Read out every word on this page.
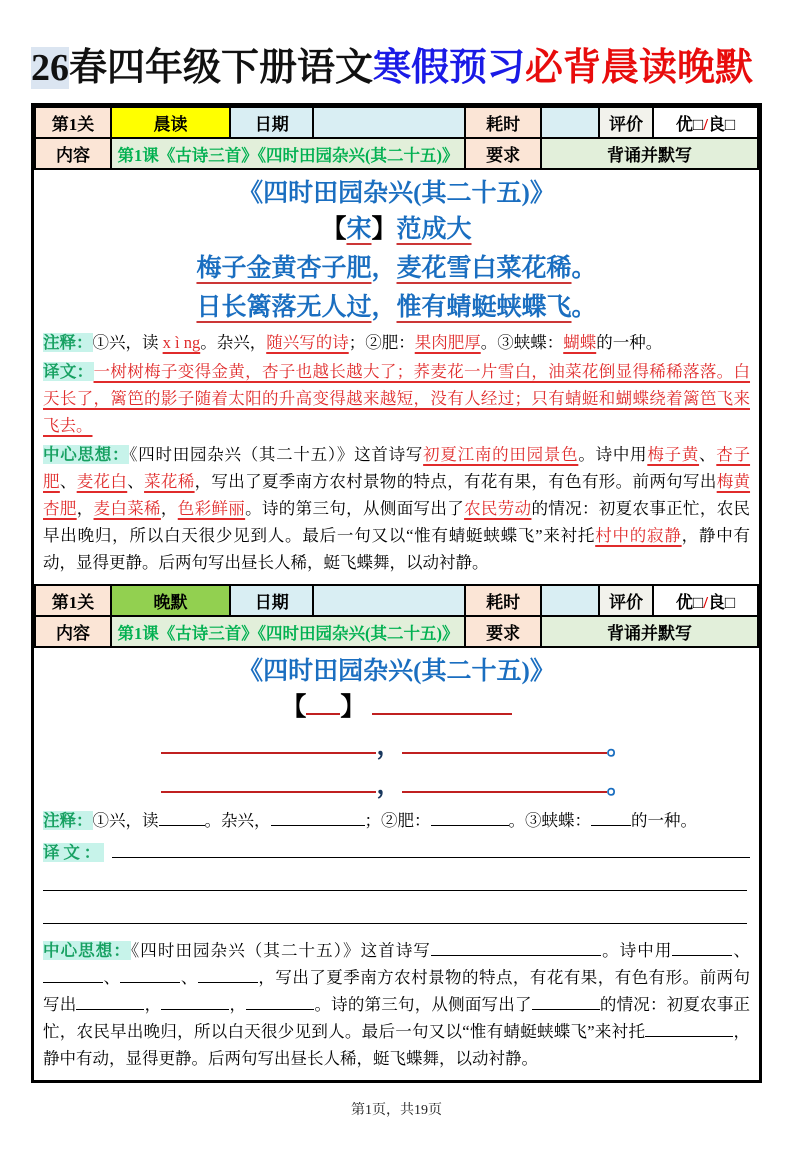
26春四年级下册语文寒假预习必背晨读晚默
第1关	晨读	日期		耗时		评价	优□/良□
内容	第1课《古诗三首》《四时田园杂兴(其二十五)》			要求	背诵并默写		
《四时田园杂兴(其二十五)》
【宋】范成大
梅子金黄杏子肥，麦花雪白菜花稀。
日长篱落无人过，惟有蜻蜓蛱蝶飞。

注释：①兴，读 x ì ng。杂兴，随兴写的诗；②肥：果肉肥厚。③蛱蝶：蝴蝶的一种。

译文：一树树梅子变得金黄，杏子也越长越大了；荞麦花一片雪白，油菜花倒显得稀稀落落。白天长了，篱笆的影子随着太阳的升高变得越来越短，没有人经过；只有蜻蜓和蝴蝶绕着篱笆飞来飞去。

中心思想：《四时田园杂兴（其二十五）》这首诗写初夏江南的田园景色。诗中用梅子黄、杏子肥、麦花白、菜花稀，写出了夏季南方农村景物的特点，有花有果，有色有形。前两句写出梅黄杏肥，麦白菜稀，色彩鲜丽。诗的第三句，从侧面写出了农民劳动的情况：初夏农事正忙，农民早出晚归，所以白天很少见到人。最后一句又以“惟有蜻蜓蛱蝶飞”来衬托村中的寂静，静中有动，显得更静。后两句写出昼长人稀，蜓飞蝶舞，以动衬静。

第1关	晚默	日期		耗时		评价	优□/良□
内容	第1课《古诗三首》《四时田园杂兴(其二十五)》			要求	背诵并默写		
《四时田园杂兴(其二十五)》
【 】
，	。
，	。

注释：①兴，读	。杂兴，	；②肥：	。③蛱蝶： 的一种。

译文：

中心思想：《四时田园杂兴（其二十五）》这首诗写	。诗中用	、、	、	，写出了夏季南方农村景物的特点，有花有果，有色有形。前两句写出	，	，	。诗的第三句，从侧面写出了	的情况：初夏农事正忙，农民早出晚归，所以白天很少见到人。最后一句又以“惟有蜻蜓蛱蝶飞”来衬托	，静中有动，显得更静。后两句写出昼长人稀，蜓飞蝶舞，以动衬静。

第1页，共19页
